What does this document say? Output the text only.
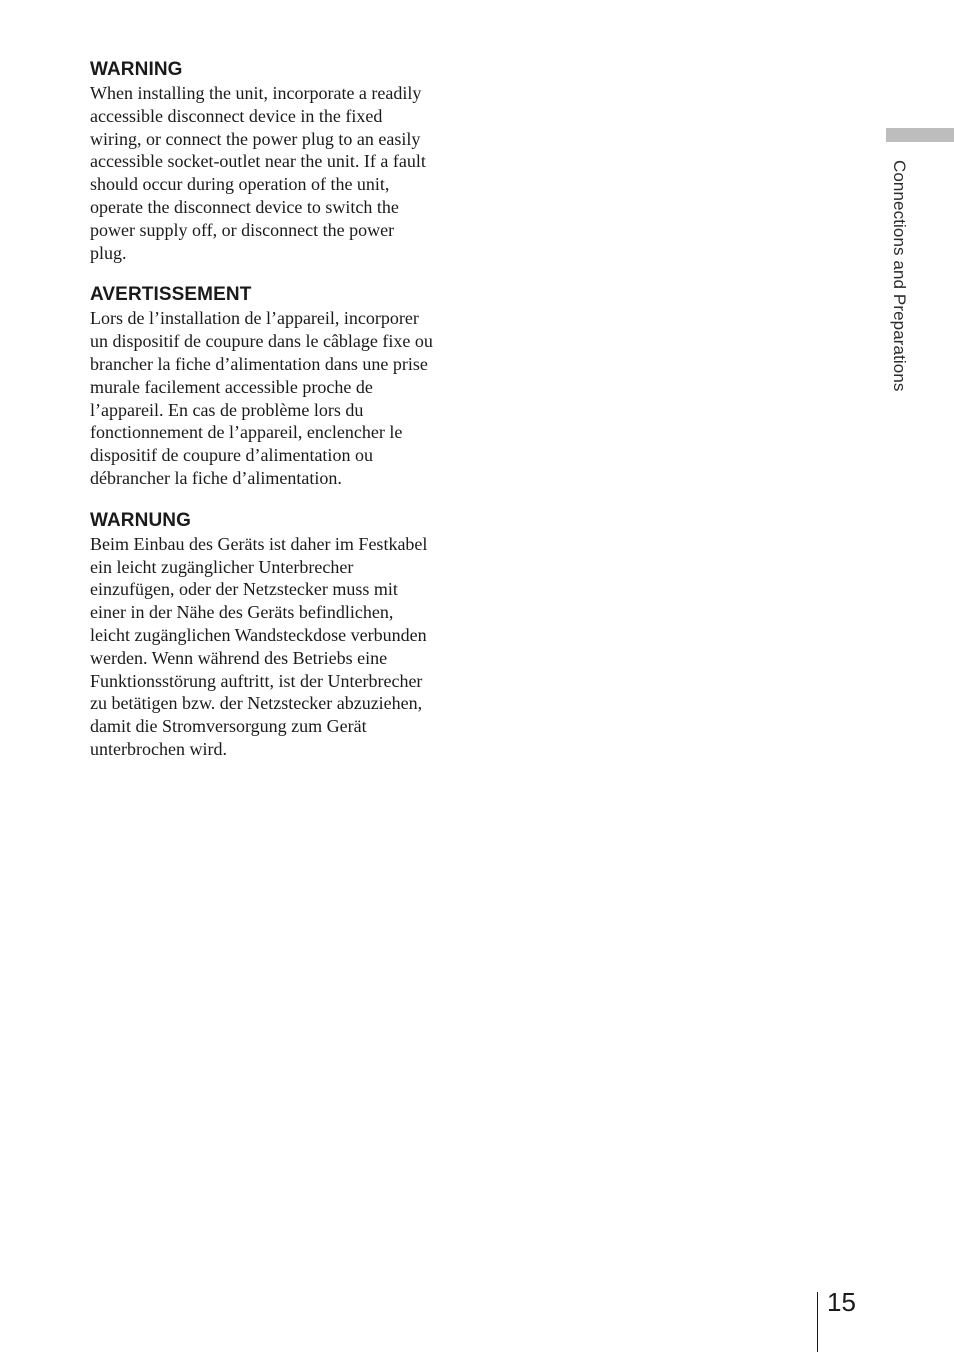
Connections and Preparations
WARNING
When installing the unit, incorporate a readily
accessible disconnect device in the fixed
wiring, or connect the power plug to an easily
accessible socket-outlet near the unit. If a fault
should occur during operation of the unit,
operate the disconnect device to switch the
power supply off, or disconnect the power
plug.
AVERTISSEMENT
Lors de l’installation de l’appareil, incorporer
un dispositif de coupure dans le câblage fixe ou
brancher la fiche d’alimentation dans une prise
murale facilement accessible proche de
l’appareil. En cas de problème lors du
fonctionnement de l’appareil, enclencher le
dispositif de coupure d’alimentation ou
débrancher la fiche d’alimentation.
WARNUNG
Beim Einbau des Geräts ist daher im Festkabel
ein leicht zugänglicher Unterbrecher
einzufügen, oder der Netzstecker muss mit
einer in der Nähe des Geräts befindlichen,
leicht zugänglichen Wandsteckdose verbunden
werden. Wenn während des Betriebs eine
Funktionsstörung auftritt, ist der Unterbrecher
zu betätigen bzw. der Netzstecker abzuziehen,
damit die Stromversorgung zum Gerät
unterbrochen wird.
15
